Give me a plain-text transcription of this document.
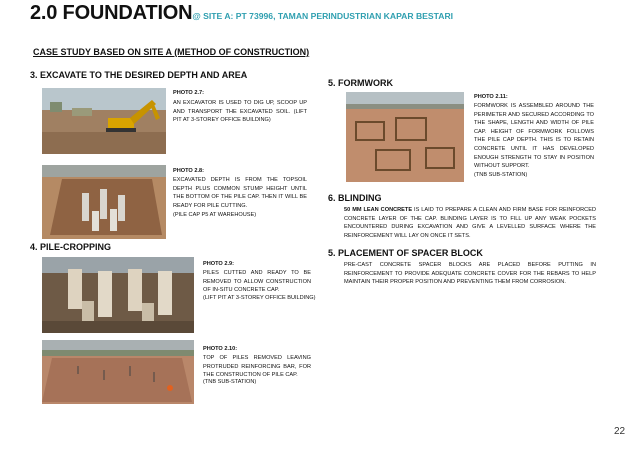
2.0 FOUNDATION@ SITE A: PT 73996, TAMAN PERINDUSTRIAN KAPAR BESTARI
CASE STUDY BASED ON SITE A (METHOD OF CONSTRUCTION)
3. EXCAVATE TO THE DESIRED DEPTH AND AREA
PHOTO 2.7:
AN EXCAVATOR IS USED TO DIG UP, SCOOP UP AND TRANSPORT THE EXCAVATED SOIL. (LIFT PIT AT 3-STOREY OFFICE BUILDING)
PHOTO 2.8:
EXCAVATED DEPTH IS FROM THE TOPSOIL DEPTH PLUS COMMON STUMP HEIGHT UNTIL THE BOTTOM OF THE PILE CAP. THEN IT WILL BE READY FOR PILE CUTTING.
(PILE CAP P5 AT WAREHOUSE)
4. PILE-CROPPING
PHOTO 2.9:
PILES CUTTED AND READY TO BE REMOVED TO ALLOW CONSTRUCTION OF IN-SITU CONCRETE CAP.
(LIFT PIT AT 3-STOREY OFFICE BUILDING)
PHOTO 2.10:
TOP OF PILES REMOVED LEAVING PROTRUDED REINFORCING BAR, FOR THE CONSTRUCTION OF PILE CAP.
(TNB SUB-STATION)
5. FORMWORK
PHOTO 2.11:
FORMWORK IS ASSEMBLED AROUND THE PERIMETER AND SECURED ACCORDING TO THE SHAPE, LENGTH AND WIDTH OF PILE CAP. HEIGHT OF FORMWORK FOLLOWS THE PILE CAP DEPTH. THIS IS TO RETAIN CONCRETE UNTIL IT HAS DEVELOPED ENOUGH STRENGTH TO STAY IN POSITION WITHOUT SUPPORT.
(TNB SUB-STATION)
6. BLINDING
50 MM LEAN CONCRETE IS LAID TO PREPARE A CLEAN AND FIRM BASE FOR REINFORCED CONCRETE LAYER OF THE CAP. BLINDING LAYER IS TO FILL UP ANY WEAK POCKETS ENCOUNTERED DURING EXCAVATION AND GIVE A LEVELLED SURFACE WHERE THE REINFORCEMENT WILL LAY ON ONCE IT SETS.
5. PLACEMENT OF SPACER BLOCK
PRE-CAST CONCRETE SPACER BLOCKS ARE PLACED BEFORE PUTTING IN REINFORCEMENT TO PROVIDE ADEQUATE CONCRETE COVER FOR THE REBARS TO HELP MAINTAIN THEIR PROPER POSITION AND PREVENTING THEM FROM CORROSION.
22
